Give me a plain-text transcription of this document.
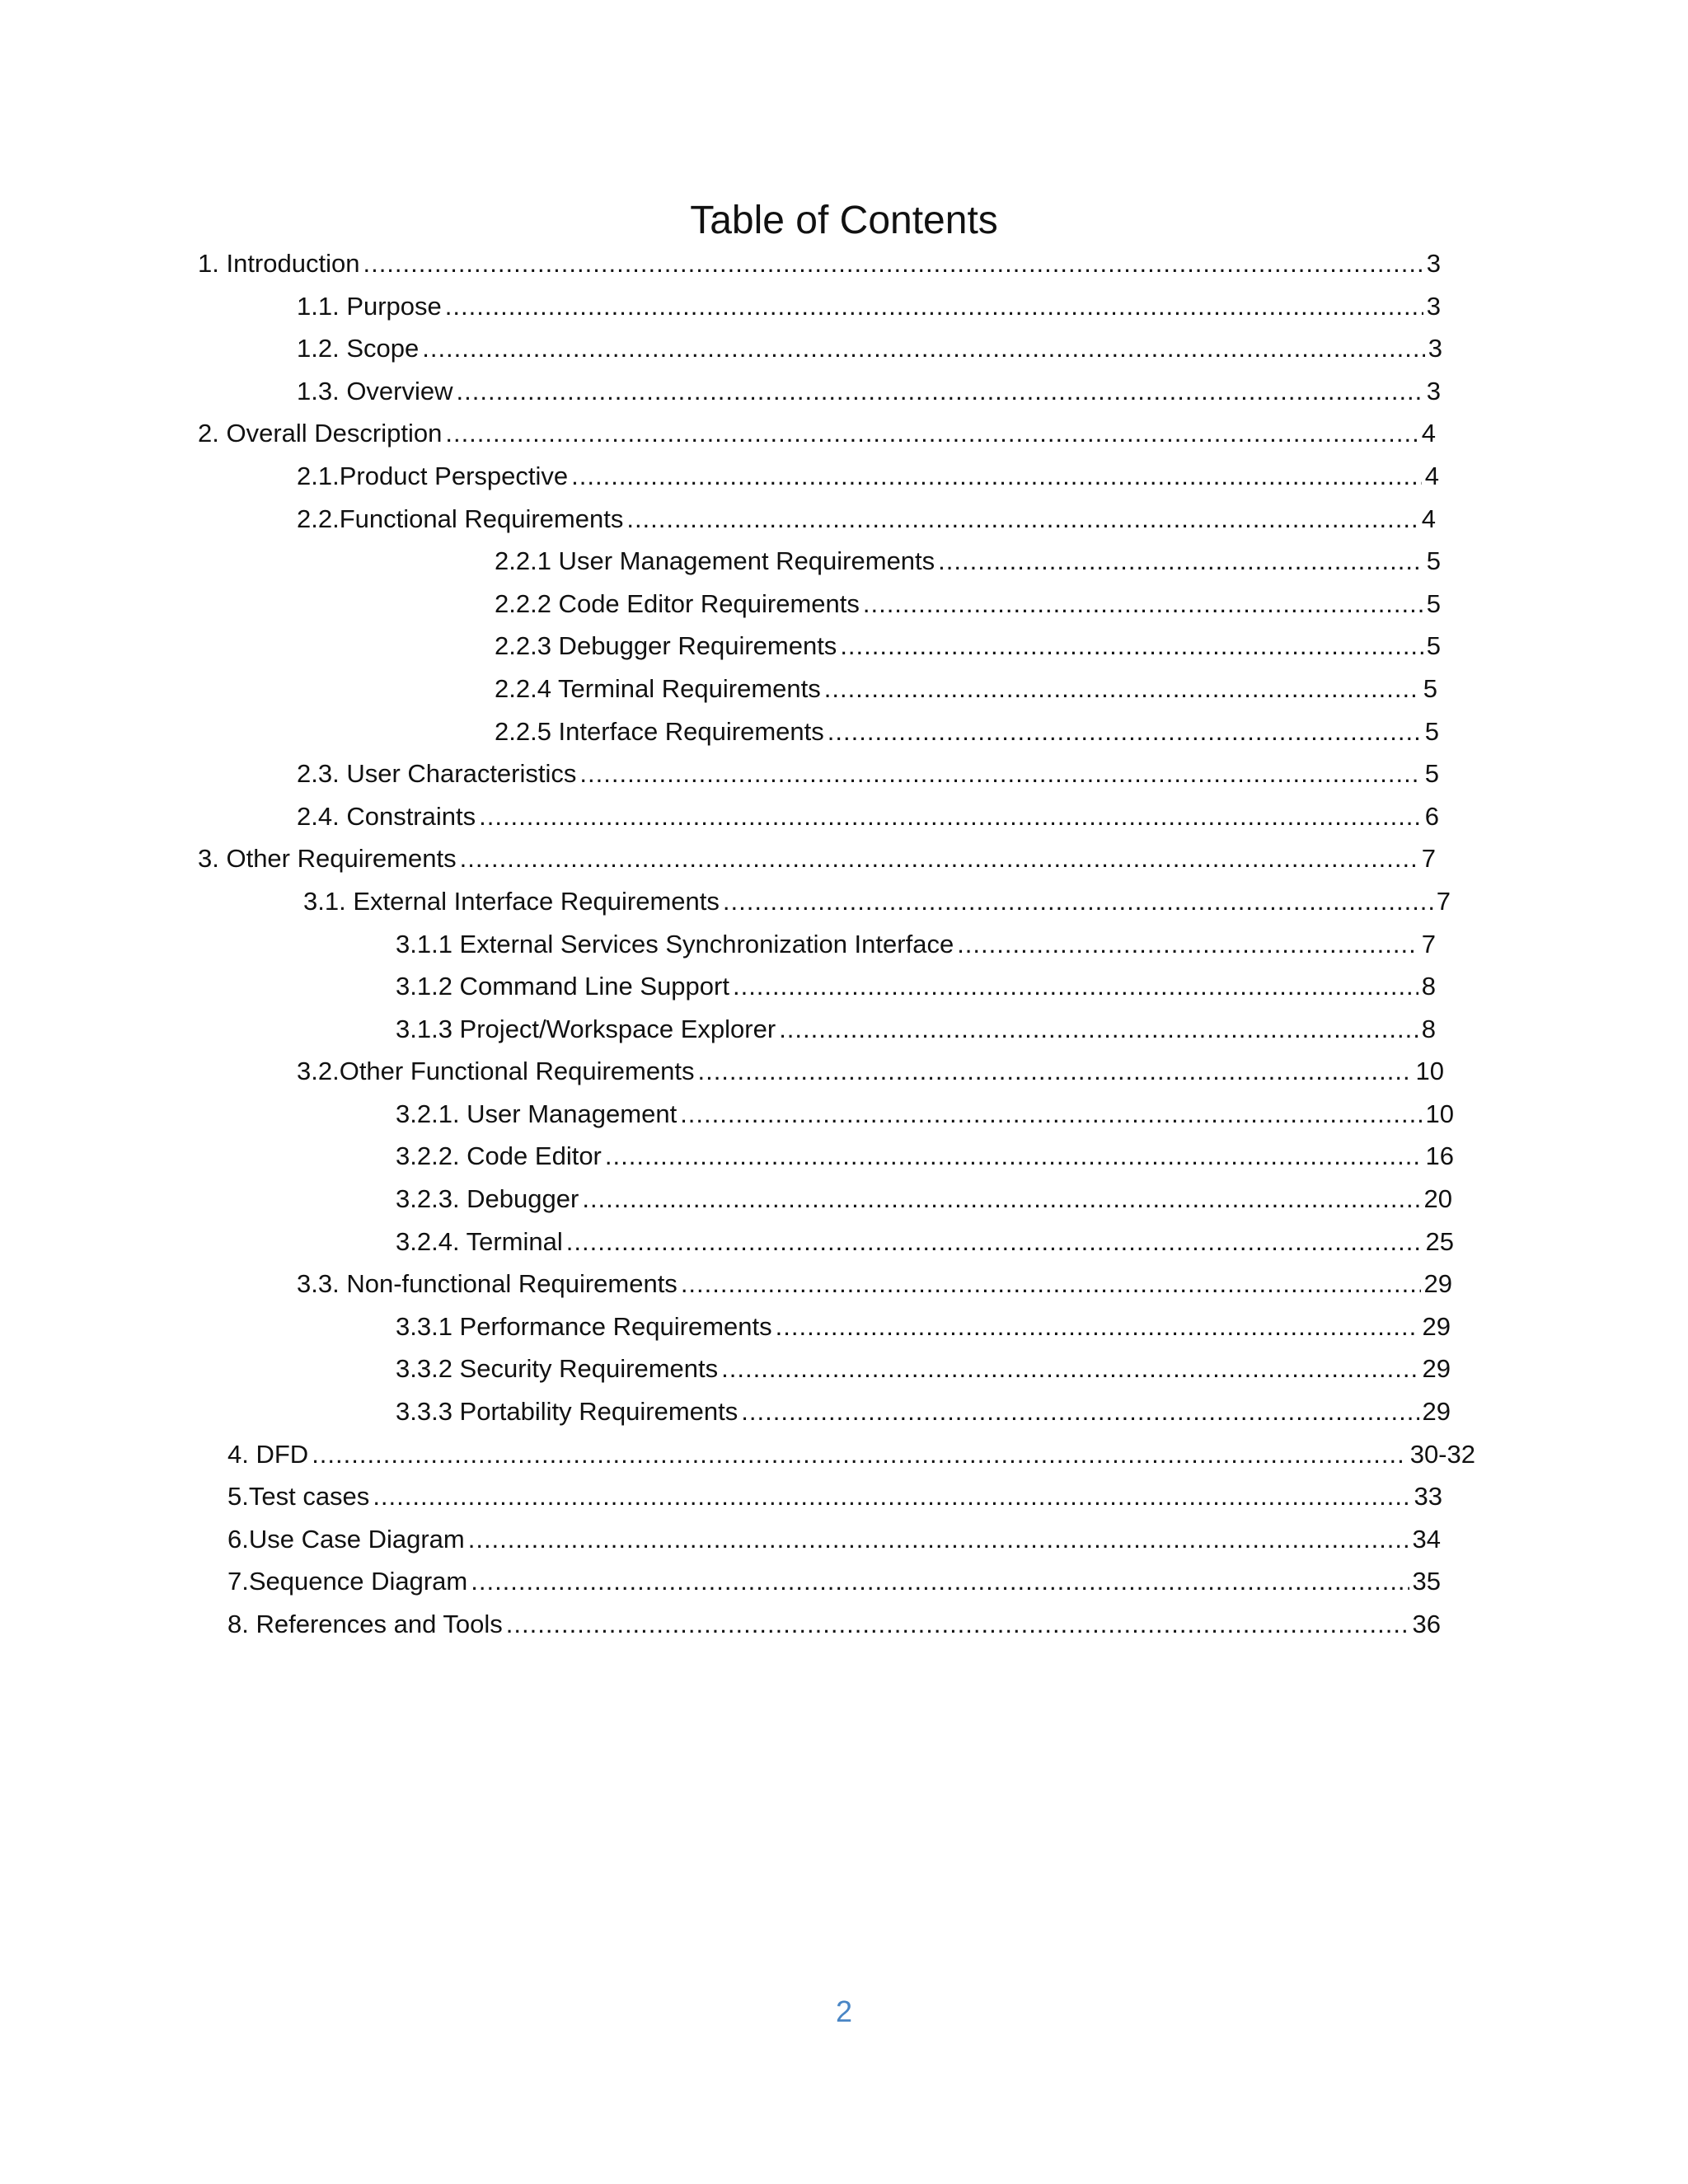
Table of Contents
1. Introduction .....	3
1.1. Purpose .....	3
1.2. Scope .....	3
1.3. Overview .....	3
2. Overall Description .....	4
2.1.Product Perspective .....	4
2.2.Functional Requirements .....	4
2.2.1 User Management Requirements .....	5
2.2.2 Code Editor Requirements .....	5
2.2.3 Debugger Requirements .....	5
2.2.4 Terminal Requirements .....	5
2.2.5 Interface Requirements .....	5
2.3. User Characteristics .....	5
2.4. Constraints .....	6
3. Other Requirements .....	7
3.1. External Interface Requirements .....	7
3.1.1 External Services Synchronization Interface .....	7
3.1.2 Command Line Support .....	8
3.1.3 Project/Workspace Explorer .....	8
3.2.Other Functional Requirements .....	10
3.2.1. User Management .....	10
3.2.2. Code Editor .....	16
3.2.3. Debugger .....	20
3.2.4. Terminal .....	25
3.3. Non-functional Requirements .....	29
3.3.1 Performance Requirements .....	29
3.3.2 Security Requirements .....	29
3.3.3 Portability Requirements .....	29
4. DFD .....	30-32
5.Test cases .....	33
6.Use Case Diagram .....	34
7.Sequence Diagram .....	35
8. References and Tools .....	36
2
